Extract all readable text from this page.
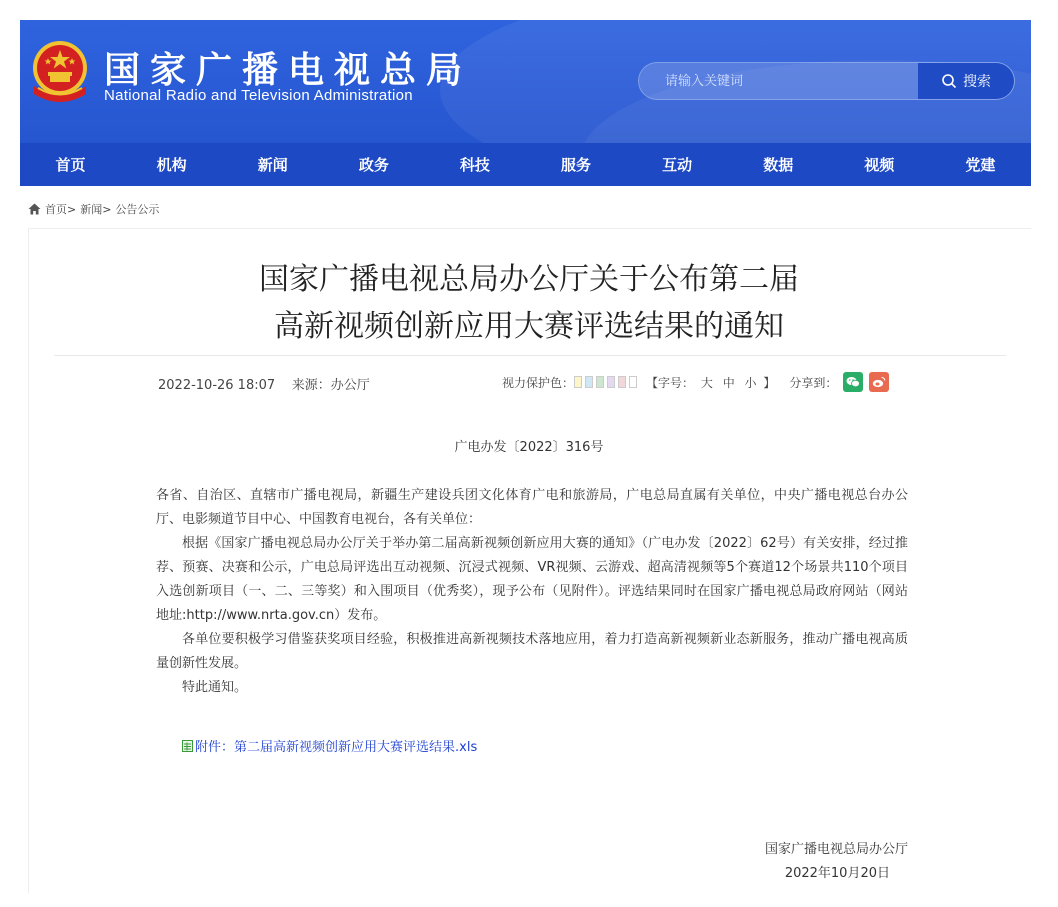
国家广播电视总局
National Radio and Television Administration
请输入关键词
搜索
首页	机构	新闻	政务	科技	服务	互动	数据	视频	党建
首页> 新闻> 公告公示
国家广播电视总局办公厅关于公布第二届
高新视频创新应用大赛评选结果的通知
2022-10-26 18:07 来源：办公厅	视力保护色：	【字号： 大 中 小 】 分享到：
广电办发〔2022〕316号

各省、自治区、直辖市广播电视局，新疆生产建设兵团文化体育广电和旅游局，广电总局直属有关单位，中央广播电视总台办公厅、电影频道节目中心、中国教育电视台，各有关单位：

根据《国家广播电视总局办公厅关于举办第二届高新视频创新应用大赛的通知》（广电办发〔2022〕62号）有关安排，经过推荐、预赛、决赛和公示，广电总局评选出互动视频、沉浸式视频、VR视频、云游戏、超高清视频等5个赛道12个场景共110个项目入选创新项目（一、二、三等奖）和入围项目（优秀奖），现予公布（见附件）。评选结果同时在国家广播电视总局政府网站（网站地址:http://www.nrta.gov.cn）发布。

各单位要积极学习借鉴获奖项目经验，积极推进高新视频技术落地应用，着力打造高新视频新业态新服务，推动广播电视高质量创新性发展。

特此通知。

附件：第二届高新视频创新应用大赛评选结果.xls
国家广播电视总局办公厅
2022年10月20日
